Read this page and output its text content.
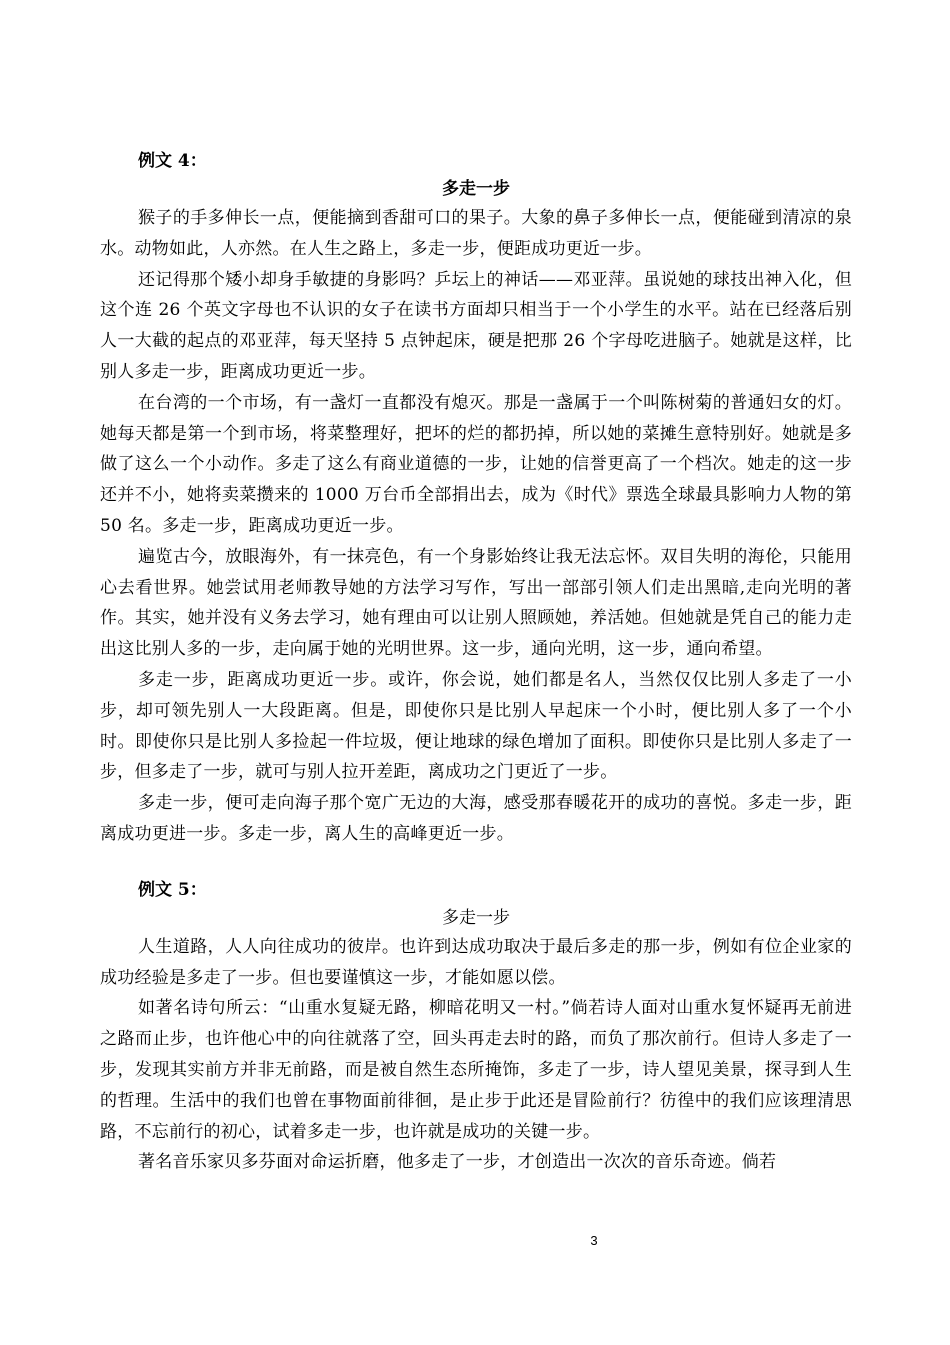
例文 4：

多走一步

猴子的手多伸长一点，便能摘到香甜可口的果子。大象的鼻子多伸长一点，便能碰到清凉的泉水。动物如此，人亦然。在人生之路上，多走一步，便距成功更近一步。

还记得那个矮小却身手敏捷的身影吗？乒坛上的神话——邓亚萍。虽说她的球技出神入化，但这个连 26 个英文字母也不认识的女子在读书方面却只相当于一个小学生的水平。站在已经落后别人一大截的起点的邓亚萍，每天坚持 5 点钟起床，硬是把那 26 个字母吃进脑子。她就是这样，比别人多走一步，距离成功更近一步。

在台湾的一个市场，有一盏灯一直都没有熄灭。那是一盏属于一个叫陈树菊的普通妇女的灯。她每天都是第一个到市场，将菜整理好，把坏的烂的都扔掉，所以她的菜摊生意特别好。她就是多做了这么一个小动作。多走了这么有商业道德的一步，让她的信誉更高了一个档次。她走的这一步还并不小，她将卖菜攒来的 1000 万台币全部捐出去，成为《时代》票选全球最具影响力人物的第 50 名。多走一步，距离成功更近一步。

遍览古今，放眼海外，有一抹亮色，有一个身影始终让我无法忘怀。双目失明的海伦，只能用心去看世界。她尝试用老师教导她的方法学习写作，写出一部部引领人们走出黑暗,走向光明的著作。其实，她并没有义务去学习，她有理由可以让别人照顾她，养活她。但她就是凭自己的能力走出这比别人多的一步，走向属于她的光明世界。这一步，通向光明，这一步，通向希望。

多走一步，距离成功更近一步。或许，你会说，她们都是名人，当然仅仅比别人多走了一小步，却可领先别人一大段距离。但是，即使你只是比别人早起床一个小时，便比别人多了一个小时。即使你只是比别人多捡起一件垃圾，便让地球的绿色增加了面积。即使你只是比别人多走了一步，但多走了一步，就可与别人拉开差距，离成功之门更近了一步。

多走一步，便可走向海子那个宽广无边的大海，感受那春暖花开的成功的喜悦。多走一步，距离成功更进一步。多走一步，离人生的高峰更近一步。

例文 5：

多走一步

人生道路，人人向往成功的彼岸。也许到达成功取决于最后多走的那一步，例如有位企业家的成功经验是多走了一步。但也要谨慎这一步，才能如愿以偿。

如著名诗句所云：“山重水复疑无路，柳暗花明又一村。”倘若诗人面对山重水复怀疑再无前进之路而止步，也许他心中的向往就落了空，回头再走去时的路，而负了那次前行。但诗人多走了一步，发现其实前方并非无前路，而是被自然生态所掩饰，多走了一步，诗人望见美景，探寻到人生的哲理。生活中的我们也曾在事物面前徘徊，是止步于此还是冒险前行？彷徨中的我们应该理清思路，不忘前行的初心，试着多走一步，也许就是成功的关键一步。

著名音乐家贝多芬面对命运折磨，他多走了一步，才创造出一次次的音乐奇迹。倘若

3
